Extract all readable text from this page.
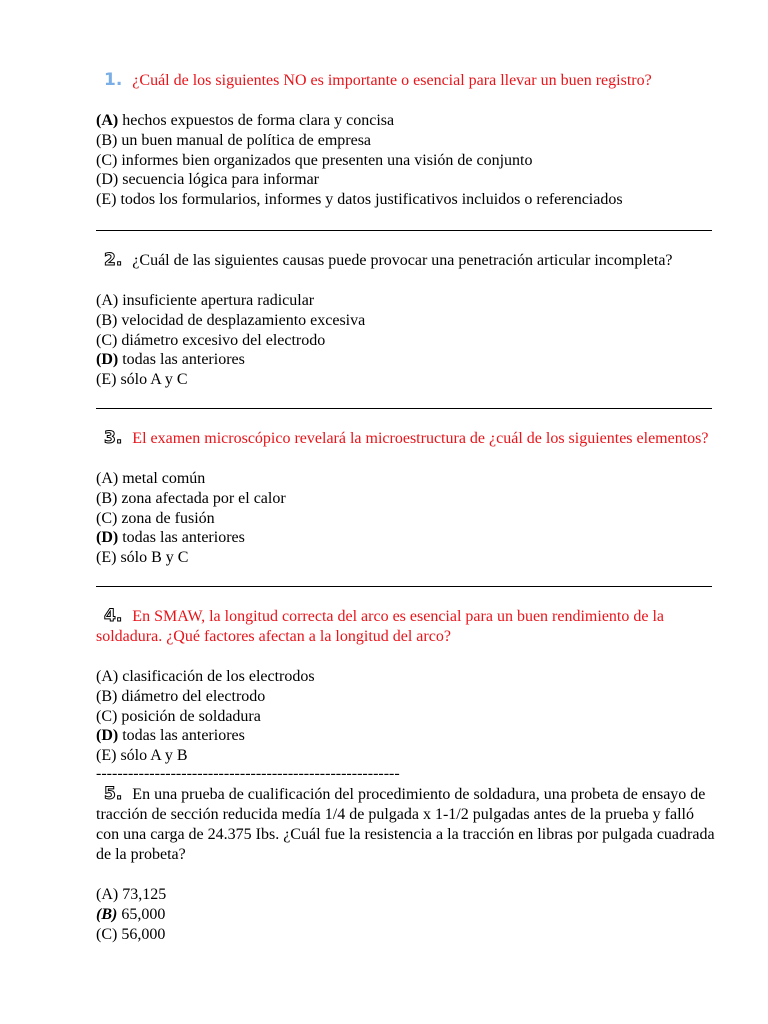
1. ¿Cuál de los siguientes NO es importante o esencial para llevar un buen registro?

(A) hechos expuestos de forma clara y concisa
(B) un buen manual de política de empresa
(C) informes bien organizados que presenten una visión de conjunto
(D) secuencia lógica para informar
(E) todos los formularios, informes y datos justificativos incluidos o referenciados

2. ¿Cuál de las siguientes causas puede provocar una penetración articular incompleta?

(A) insuficiente apertura radicular
(B) velocidad de desplazamiento excesiva
(C) diámetro excesivo del electrodo
(D) todas las anteriores
(E) sólo A y C

3. El examen microscópico revelará la microestructura de ¿cuál de los siguientes elementos?

(A) metal común
(B) zona afectada por el calor
(C) zona de fusión
(D) todas las anteriores
(E) sólo B y C

4. En SMAW, la longitud correcta del arco es esencial para un buen rendimiento de la soldadura. ¿Qué factores afectan a la longitud del arco?

(A) clasificación de los electrodos
(B) diámetro del electrodo
(C) posición de soldadura
(D) todas las anteriores
(E) sólo A y B
---------------------------------------------------------

5. En una prueba de cualificación del procedimiento de soldadura, una probeta de ensayo de tracción de sección reducida medía 1/4 de pulgada x 1-1/2 pulgadas antes de la prueba y falló con una carga de 24.375 Ibs. ¿Cuál fue la resistencia a la tracción en libras por pulgada cuadrada de la probeta?

(A) 73,125
(B) 65,000
(C) 56,000
